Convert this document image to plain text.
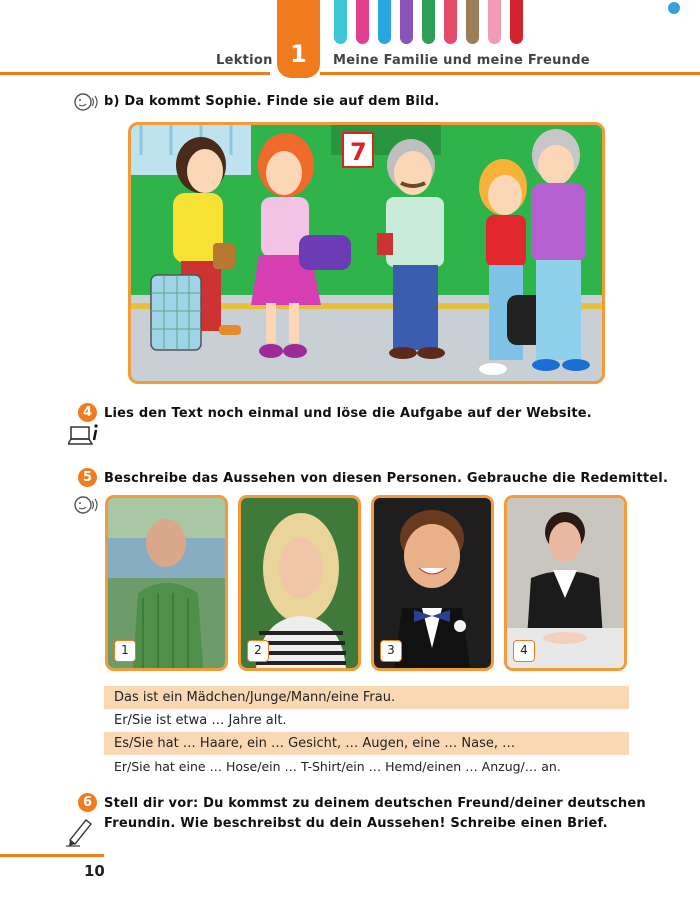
Lektion 1	Meine Familie und meine Freunde
b) Da kommt Sophie. Finde sie auf dem Bild.
7
4 Lies den Text noch einmal und löse die Aufgabe auf der Website.
5 Beschreibe das Aussehen von diesen Personen. Gebrauche die Redemittel.
1	2	3	4
Das ist ein Mädchen/Junge/Mann/eine Frau.
Er/Sie ist etwa … Jahre alt.
Es/Sie hat … Haare, ein … Gesicht, … Augen, eine … Nase, …
Er/Sie hat eine … Hose/ein … T-Shirt/ein … Hemd/einen … Anzug/… an.
6 Stell dir vor: Du kommst zu deinem deutschen Freund/deiner deutschen
Freundin. Wie beschreibst du dein Aussehen! Schreibe einen Brief.
10
